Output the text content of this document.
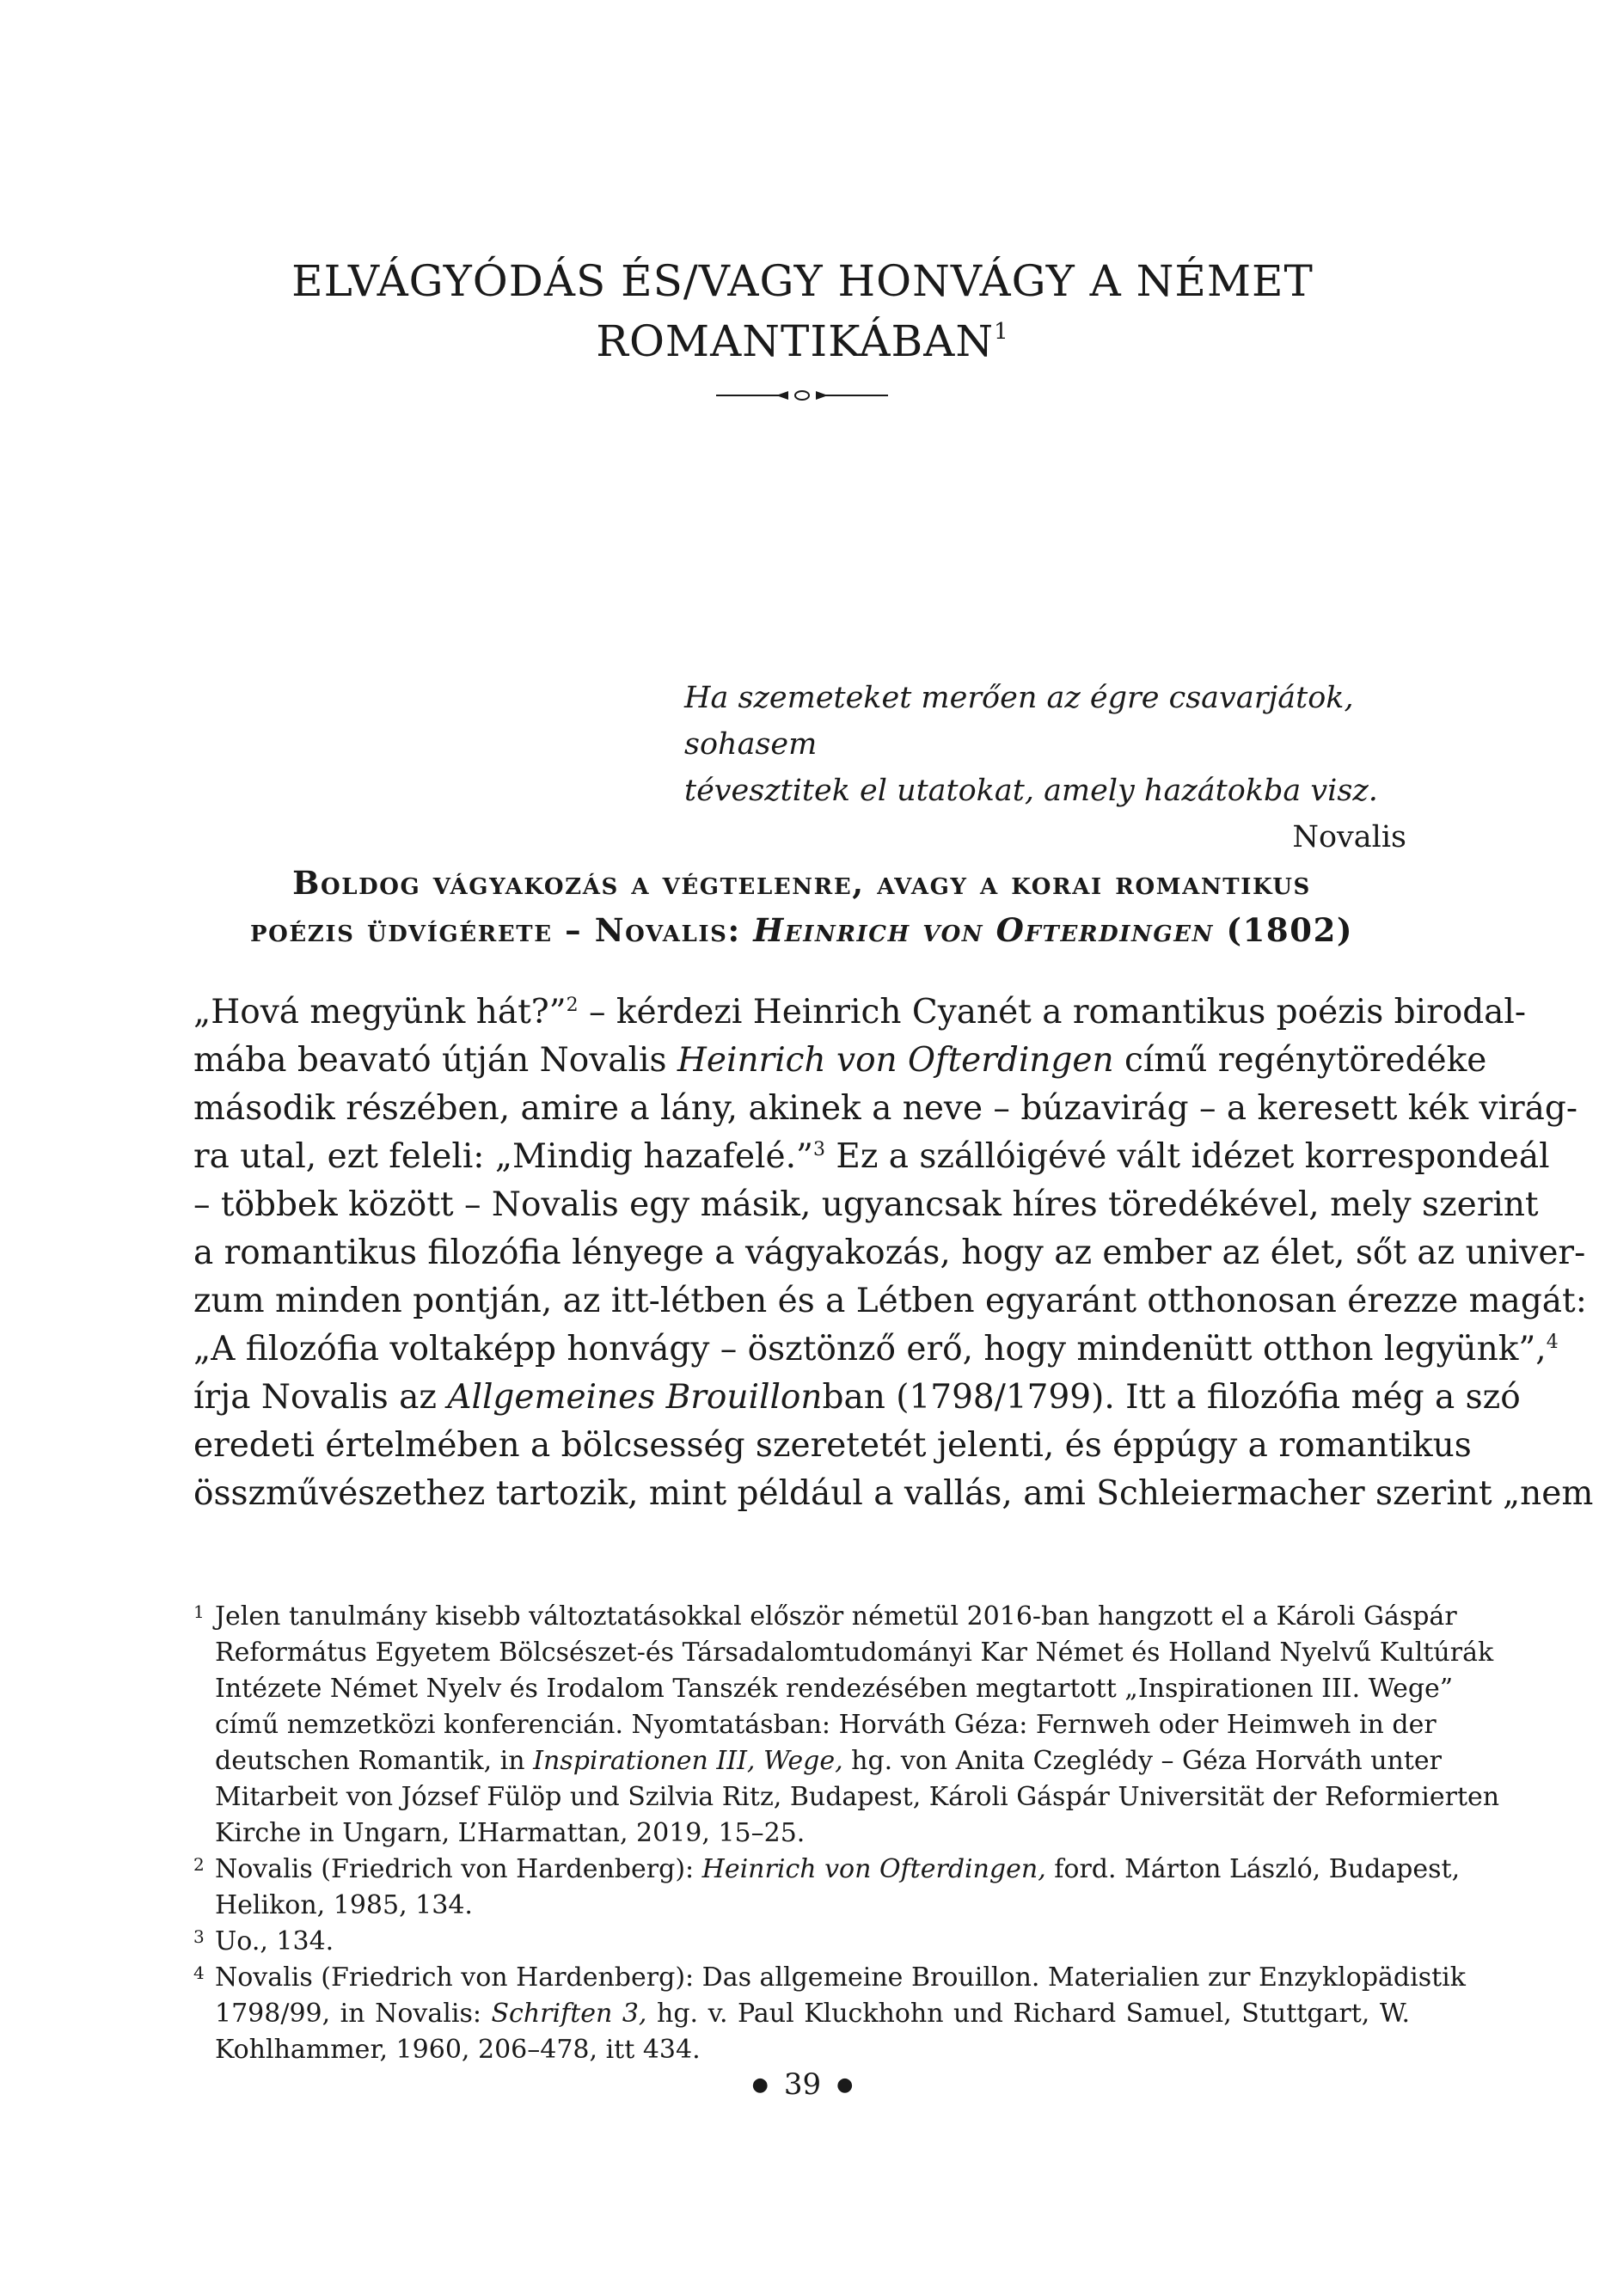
ELVÁGYÓDÁS ÉS/VAGY HONVÁGY A NÉMET
ROMANTIKÁBAN$^1$

Ha szemeteket merően az égre csavarjátok, sohasem
tévesztitek el utatokat, amely hazátokba visz.
Novalis

Boldog vágyakozás a végtelenre, avagy a korai romantikus
poézis üdvígérete – Novalis: Heinrich von Ofterdingen (1802)

„Hová megyünk hát?”$^2$ – kérdezi Heinrich Cyanét a romantikus poézis birodal-
mába beavató útján Novalis Heinrich von Ofterdingen című regénytöredéke
második részében, amire a lány, akinek a neve – búzavirág – a keresett kék virág-
ra utal, ezt feleli: „Mindig hazafelé.”$^3$ Ez a szállóigévé vált idézet korrespondeál
– többek között – Novalis egy másik, ugyancsak híres töredékével, mely szerint
a romantikus filozófia lényege a vágyakozás, hogy az ember az élet, sőt az univer-
zum minden pontján, az itt-létben és a Létben egyaránt otthonosan érezze magát:
„A filozófia voltaképp honvágy – ösztönző erő, hogy mindenütt otthon legyünk”,$^4$
írja Novalis az Allgemeines Brouillonban (1798/1799). Itt a filozófia még a szó
eredeti értelmében a bölcsesség szeretetét jelenti, és éppúgy a romantikus
összművészethez tartozik, mint például a vallás, ami Schleiermacher szerint „nem

1 Jelen tanulmány kisebb változtatásokkal először németül 2016-ban hangzott el a Károli Gáspár
Református Egyetem Bölcsészet-és Társadalomtudományi Kar Német és Holland Nyelvű Kultúrák
Intézete Német Nyelv és Irodalom Tanszék rendezésében megtartott „Inspirationen III. Wege”
című nemzetközi konferencián. Nyomtatásban: Horváth Géza: Fernweh oder Heimweh in der
deutschen Romantik, in Inspirationen III, Wege, hg. von Anita Czeglédy – Géza Horváth unter
Mitarbeit von József Fülöp und Szilvia Ritz, Budapest, Károli Gáspár Universität der Reformierten
Kirche in Ungarn, L’Harmattan, 2019, 15–25.
2 Novalis (Friedrich von Hardenberg): Heinrich von Ofterdingen, ford. Márton László, Budapest,
Helikon, 1985, 134.
3 Uo., 134.
4 Novalis (Friedrich von Hardenberg): Das allgemeine Brouillon. Materialien zur Enzyklopädistik
1798/99, in Novalis: Schriften 3, hg. v. Paul Kluckhohn und Richard Samuel, Stuttgart, W.
Kohlhammer, 1960, 206–478, itt 434.
● 39 ●
